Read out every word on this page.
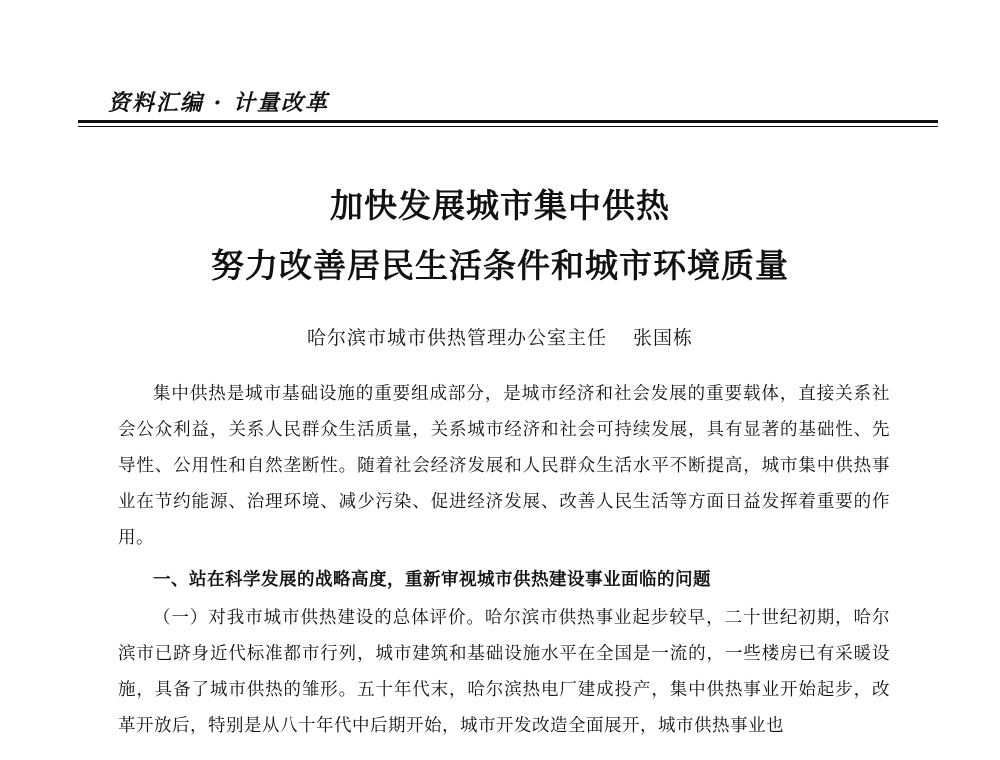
资料汇编 · 计量改革
加快发展城市集中供热
努力改善居民生活条件和城市环境质量
哈尔滨市城市供热管理办公室主任 张国栋

集中供热是城市基础设施的重要组成部分，是城市经济和社会发展的重要载体，直接关系社会公众利益，关系人民群众生活质量，关系城市经济和社会可持续发展，具有显著的基础性、先导性、公用性和自然垄断性。随着社会经济发展和人民群众生活水平不断提高，城市集中供热事业在节约能源、治理环境、减少污染、促进经济发展、改善人民生活等方面日益发挥着重要的作用。

一、站在科学发展的战略高度，重新审视城市供热建设事业面临的问题

（一）对我市城市供热建设的总体评价。哈尔滨市供热事业起步较早，二十世纪初期，哈尔滨市已跻身近代标准都市行列，城市建筑和基础设施水平在全国是一流的，一些楼房已有采暖设施，具备了城市供热的雏形。五十年代末，哈尔滨热电厂建成投产，集中供热事业开始起步，改革开放后，特别是从八十年代中后期开始，城市开发改造全面展开，城市供热事业也
